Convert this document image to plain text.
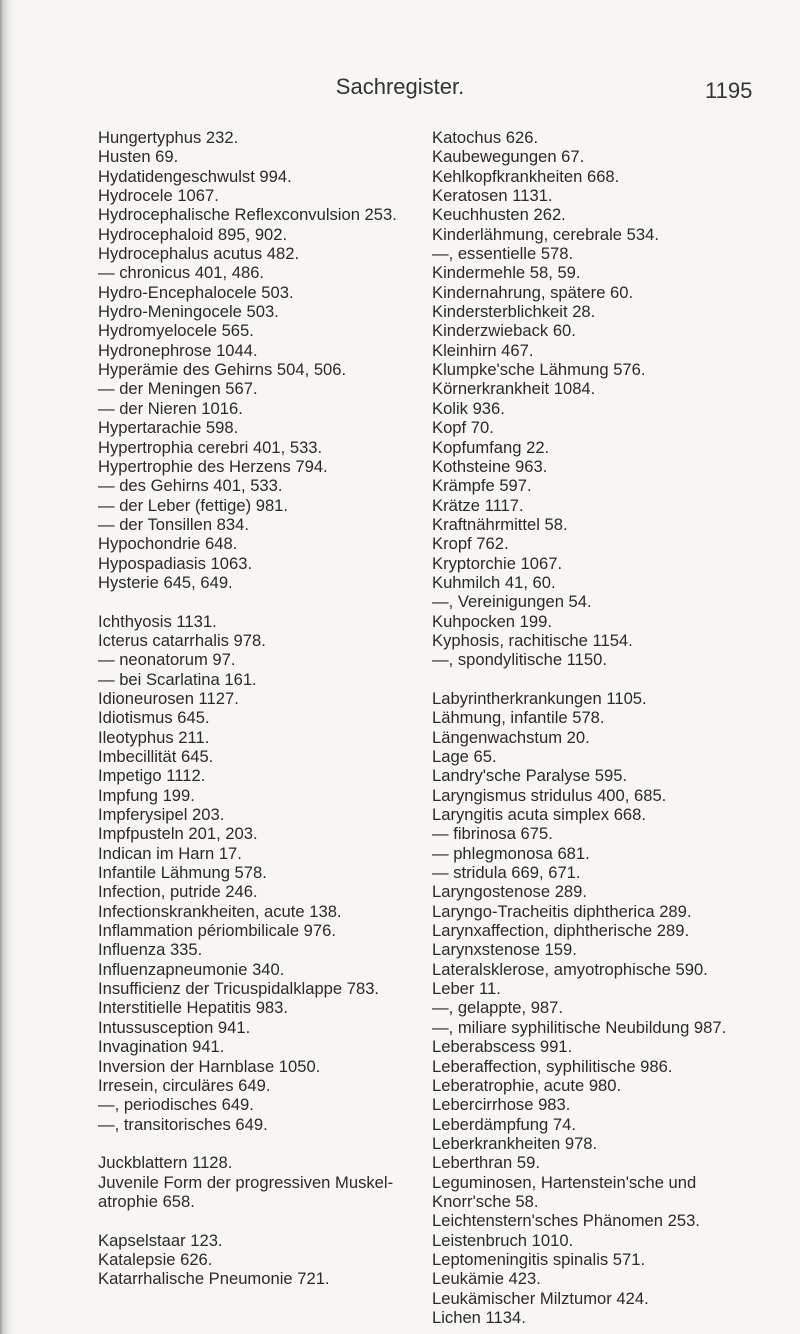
Sachregister.	1195
Hungertyphus 232.
Husten 69.
Hydatidengeschwulst 994.
Hydrocele 1067.
Hydrocephalische Reflexconvulsion 253.
Hydrocephaloid 895, 902.
Hydrocephalus acutus 482.
— chronicus 401, 486.
Hydro-Encephalocele 503.
Hydro-Meningocele 503.
Hydromyelocele 565.
Hydronephrose 1044.
Hyperämie des Gehirns 504, 506.
— der Meningen 567.
— der Nieren 1016.
Hypertarachie 598.
Hypertrophia cerebri 401, 533.
Hypertrophie des Herzens 794.
— des Gehirns 401, 533.
— der Leber (fettige) 981.
— der Tonsillen 834.
Hypochondrie 648.
Hypospadiasis 1063.
Hysterie 645, 649.
Ichthyosis 1131.
Icterus catarrhalis 978.
— neonatorum 97.
— bei Scarlatina 161.
Idioneurosen 1127.
Idiotismus 645.
Ileotyphus 211.
Imbecillität 645.
Impetigo 1112.
Impfung 199.
Impferysipel 203.
Impfpusteln 201, 203.
Indican im Harn 17.
Infantile Lähmung 578.
Infection, putride 246.
Infectionskrankheiten, acute 138.
Inflammation périombilicale 976.
Influenza 335.
Influenzapneumonie 340.
Insufficienz der Tricuspidalklappe 783.
Interstitielle Hepatitis 983.
Intussusception 941.
Invagination 941.
Inversion der Harnblase 1050.
Irresein, circuläres 649.
—, periodisches 649.
—, transitorisches 649.
Juckblattern 1128.
Juvenile Form der progressiven Muskel-
atrophie 658.
Kapselstaar 123.
Katalepsie 626.
Katarrhalische Pneumonie 721.
Katochus 626.
Kaubewegungen 67.
Kehlkopfkrankheiten 668.
Keratosen 1131.
Keuchhusten 262.
Kinderlähmung, cerebrale 534.
—, essentielle 578.
Kindermehle 58, 59.
Kindernahrung, spätere 60.
Kindersterblichkeit 28.
Kinderzwieback 60.
Kleinhirn 467.
Klumpke'sche Lähmung 576.
Körnerkrankheit 1084.
Kolik 936.
Kopf 70.
Kopfumfang 22.
Kothsteine 963.
Krämpfe 597.
Krätze 1117.
Kraftnährmittel 58.
Kropf 762.
Kryptorchie 1067.
Kuhmilch 41, 60.
—, Vereinigungen 54.
Kuhpocken 199.
Kyphosis, rachitische 1154.
—, spondylitische 1150.
Labyrintherkrankungen 1105.
Lähmung, infantile 578.
Längenwachstum 20.
Lage 65.
Landry'sche Paralyse 595.
Laryngismus stridulus 400, 685.
Laryngitis acuta simplex 668.
— fibrinosa 675.
— phlegmonosa 681.
— stridula 669, 671.
Laryngostenose 289.
Laryngo-Tracheitis diphtherica 289.
Larynxaffection, diphtherische 289.
Larynxstenose 159.
Lateralsklerose, amyotrophische 590.
Leber 11.
—, gelappte, 987.
—, miliare syphilitische Neubildung 987.
Leberabscess 991.
Leberaffection, syphilitische 986.
Leberatrophie, acute 980.
Lebercirrhose 983.
Leberdämpfung 74.
Leberkrankheiten 978.
Leberthran 59.
Leguminosen, Hartenstein'sche und
Knorr'sche 58.
Leichtenstern'sches Phänomen 253.
Leistenbruch 1010.
Leptomeningitis spinalis 571.
Leukämie 423.
Leukämischer Milztumor 424.
Lichen 1134.
